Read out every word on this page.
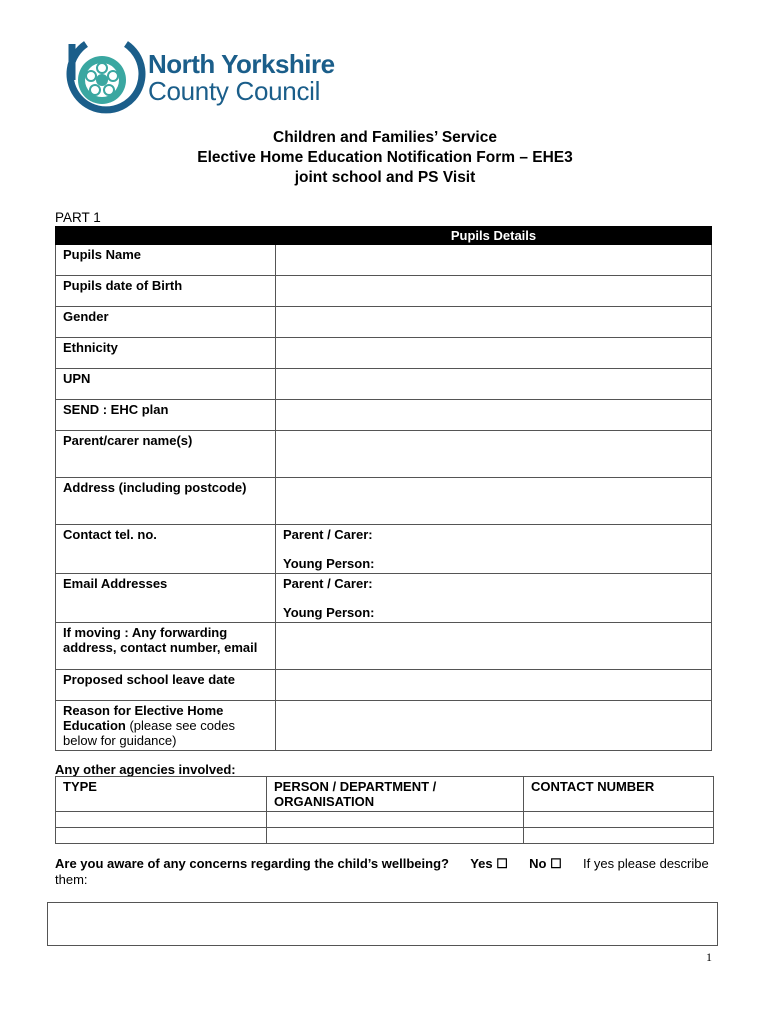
North Yorkshire
County Council
Children and Families’ Service
Elective Home Education Notification Form – EHE3
joint school and PS Visit
PART 1
	Pupils Details
Pupils Name	
Pupils date of Birth	
Gender	
Ethnicity	
UPN	
SEND : EHC plan	
Parent/carer name(s)	
Address (including postcode)	
Contact tel. no.	Parent / Carer:
Young Person:

Email Addresses	Parent / Carer:
Young Person:

If moving : Any forwarding address, contact number, email	
Proposed school leave date	
Reason for Elective Home Education (please see codes below for guidance)	
Any other agencies involved:
TYPE	PERSON / DEPARTMENT / ORGANISATION	CONTACT NUMBER

Are you aware of any concerns regarding the child’s wellbeing? Yes ☐ No ☐ If yes please describe them:
1
